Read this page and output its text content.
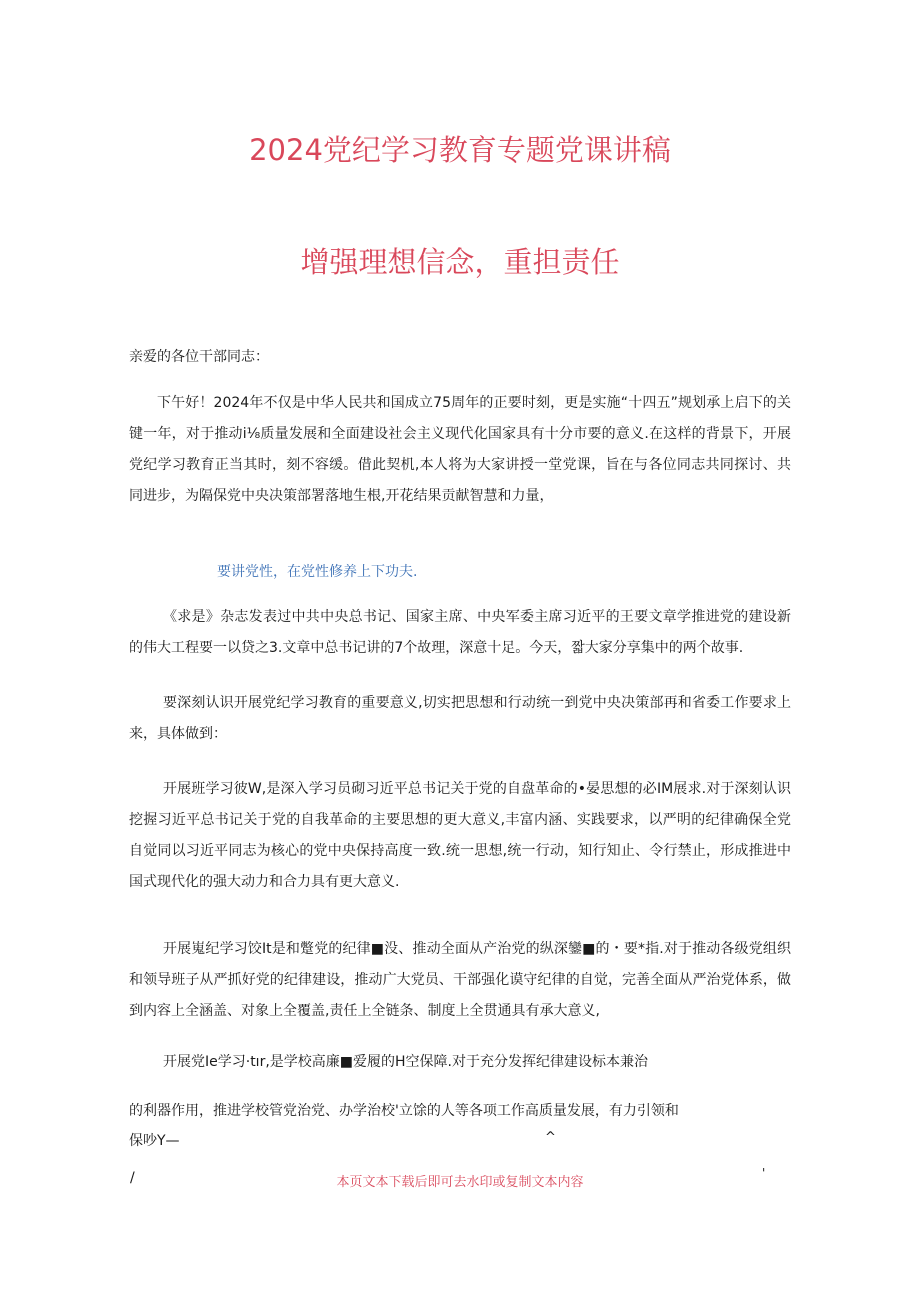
2024党纪学习教育专题党课讲稿
增强理想信念，重担责任

亲爱的各位干部同志：

下午好！2024年不仅是中华人民共和国成立75周年的正要时刻，更是实施“十四五”规划承上启下的关键一年，对于推动i⅛质量发展和全面建设社会主义现代化国家具有十分市要的意义.在这样的背景下，开展党纪学习教育正当其时，刻不容缓。借此契机,本人将为大家讲授一堂党课，旨在与各位同志共同探讨、共同进步，为隔保党中央决策部署落地生根,开花结果贡献智慧和力量，

要讲党性，在党性修养上下功夫.

《求是》杂志发表过中共中央总书记、国家主席、中央军委主席习近平的王要文章学推进党的建设新的伟大工程要一以贷之3.文章中总书记讲的7个故理，深意十足。今天，짧大家分享集中的两个故事.

要深刻认识开展党纪学习教育的重要意义,切实把思想和行动统一到党中央决策部再和省委工作要求上来，具体做到：

开展班学习彼W,是深入学习员砌习近平总书记关于党的自盘革命的•晏思想的必IM展求.对于深刻认识挖握习近平总书记关于党的自我革命的主要思想的更大意义,丰富内涵、实践要求，以严明的纪律确保全党自觉同以习近平同志为核心的党中央保持高度一致.统一思想,统一行动，知行知止、令行禁止，形成推进中国式现代化的强大动力和合力具有更大意义.

开展嵬纪学习饺It是和蹩党的纪律■没、推动全面从产治党的纵深鑾■的・要*指.对于推动各级党组织和领导班子从严抓好党的纪律建设，推动广大党员、干部强化谟守纪律的自觉，完善全面从严治党体系，做到内容上全涵盖、对象上全覆盖,责任上全链条、制度上全贯通具有承大意义,

开展党Ie学习·tır,是学校高廉■爱履的H空保障.对于充分发挥纪律建设标本兼治

的利器作用，推进学校管党治党、办学治校'立馀的人等各项工作高质量发展，有力引领和

保吵Y—	^

/	本页文本下载后即可去水印或复制文本内容

'
